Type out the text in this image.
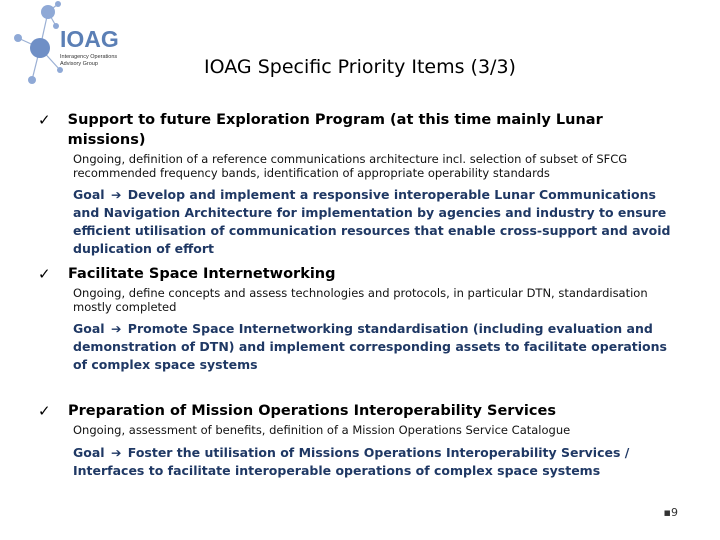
IOAG
Interagency Operations
Advisory Group	IOAG Specific Priority Items (3/3)
✓	Support to future Exploration Program (at this time mainly Lunar missions)
Ongoing, definition of a reference communications architecture incl. selection of subset of SFCG recommended frequency bands, identification of appropriate operability standards
Goal ➔ Develop and implement a responsive interoperable Lunar Communications and Navigation Architecture for implementation by agencies and industry to ensure efficient utilisation of communication resources that enable cross-support and avoid duplication of effort
✓	Facilitate Space Internetworking
Ongoing, define concepts and assess technologies and protocols, in particular DTN, standardisation mostly completed
Goal ➔ Promote Space Internetworking standardisation (including evaluation and demonstration of DTN) and implement corresponding assets to facilitate operations of complex space systems
✓	Preparation of Mission Operations Interoperability Services
Ongoing, assessment of benefits, definition of a Mission Operations Service Catalogue
Goal ➔ Foster the utilisation of Missions Operations Interoperability Services / Interfaces to facilitate interoperable operations of complex space systems
▪9
